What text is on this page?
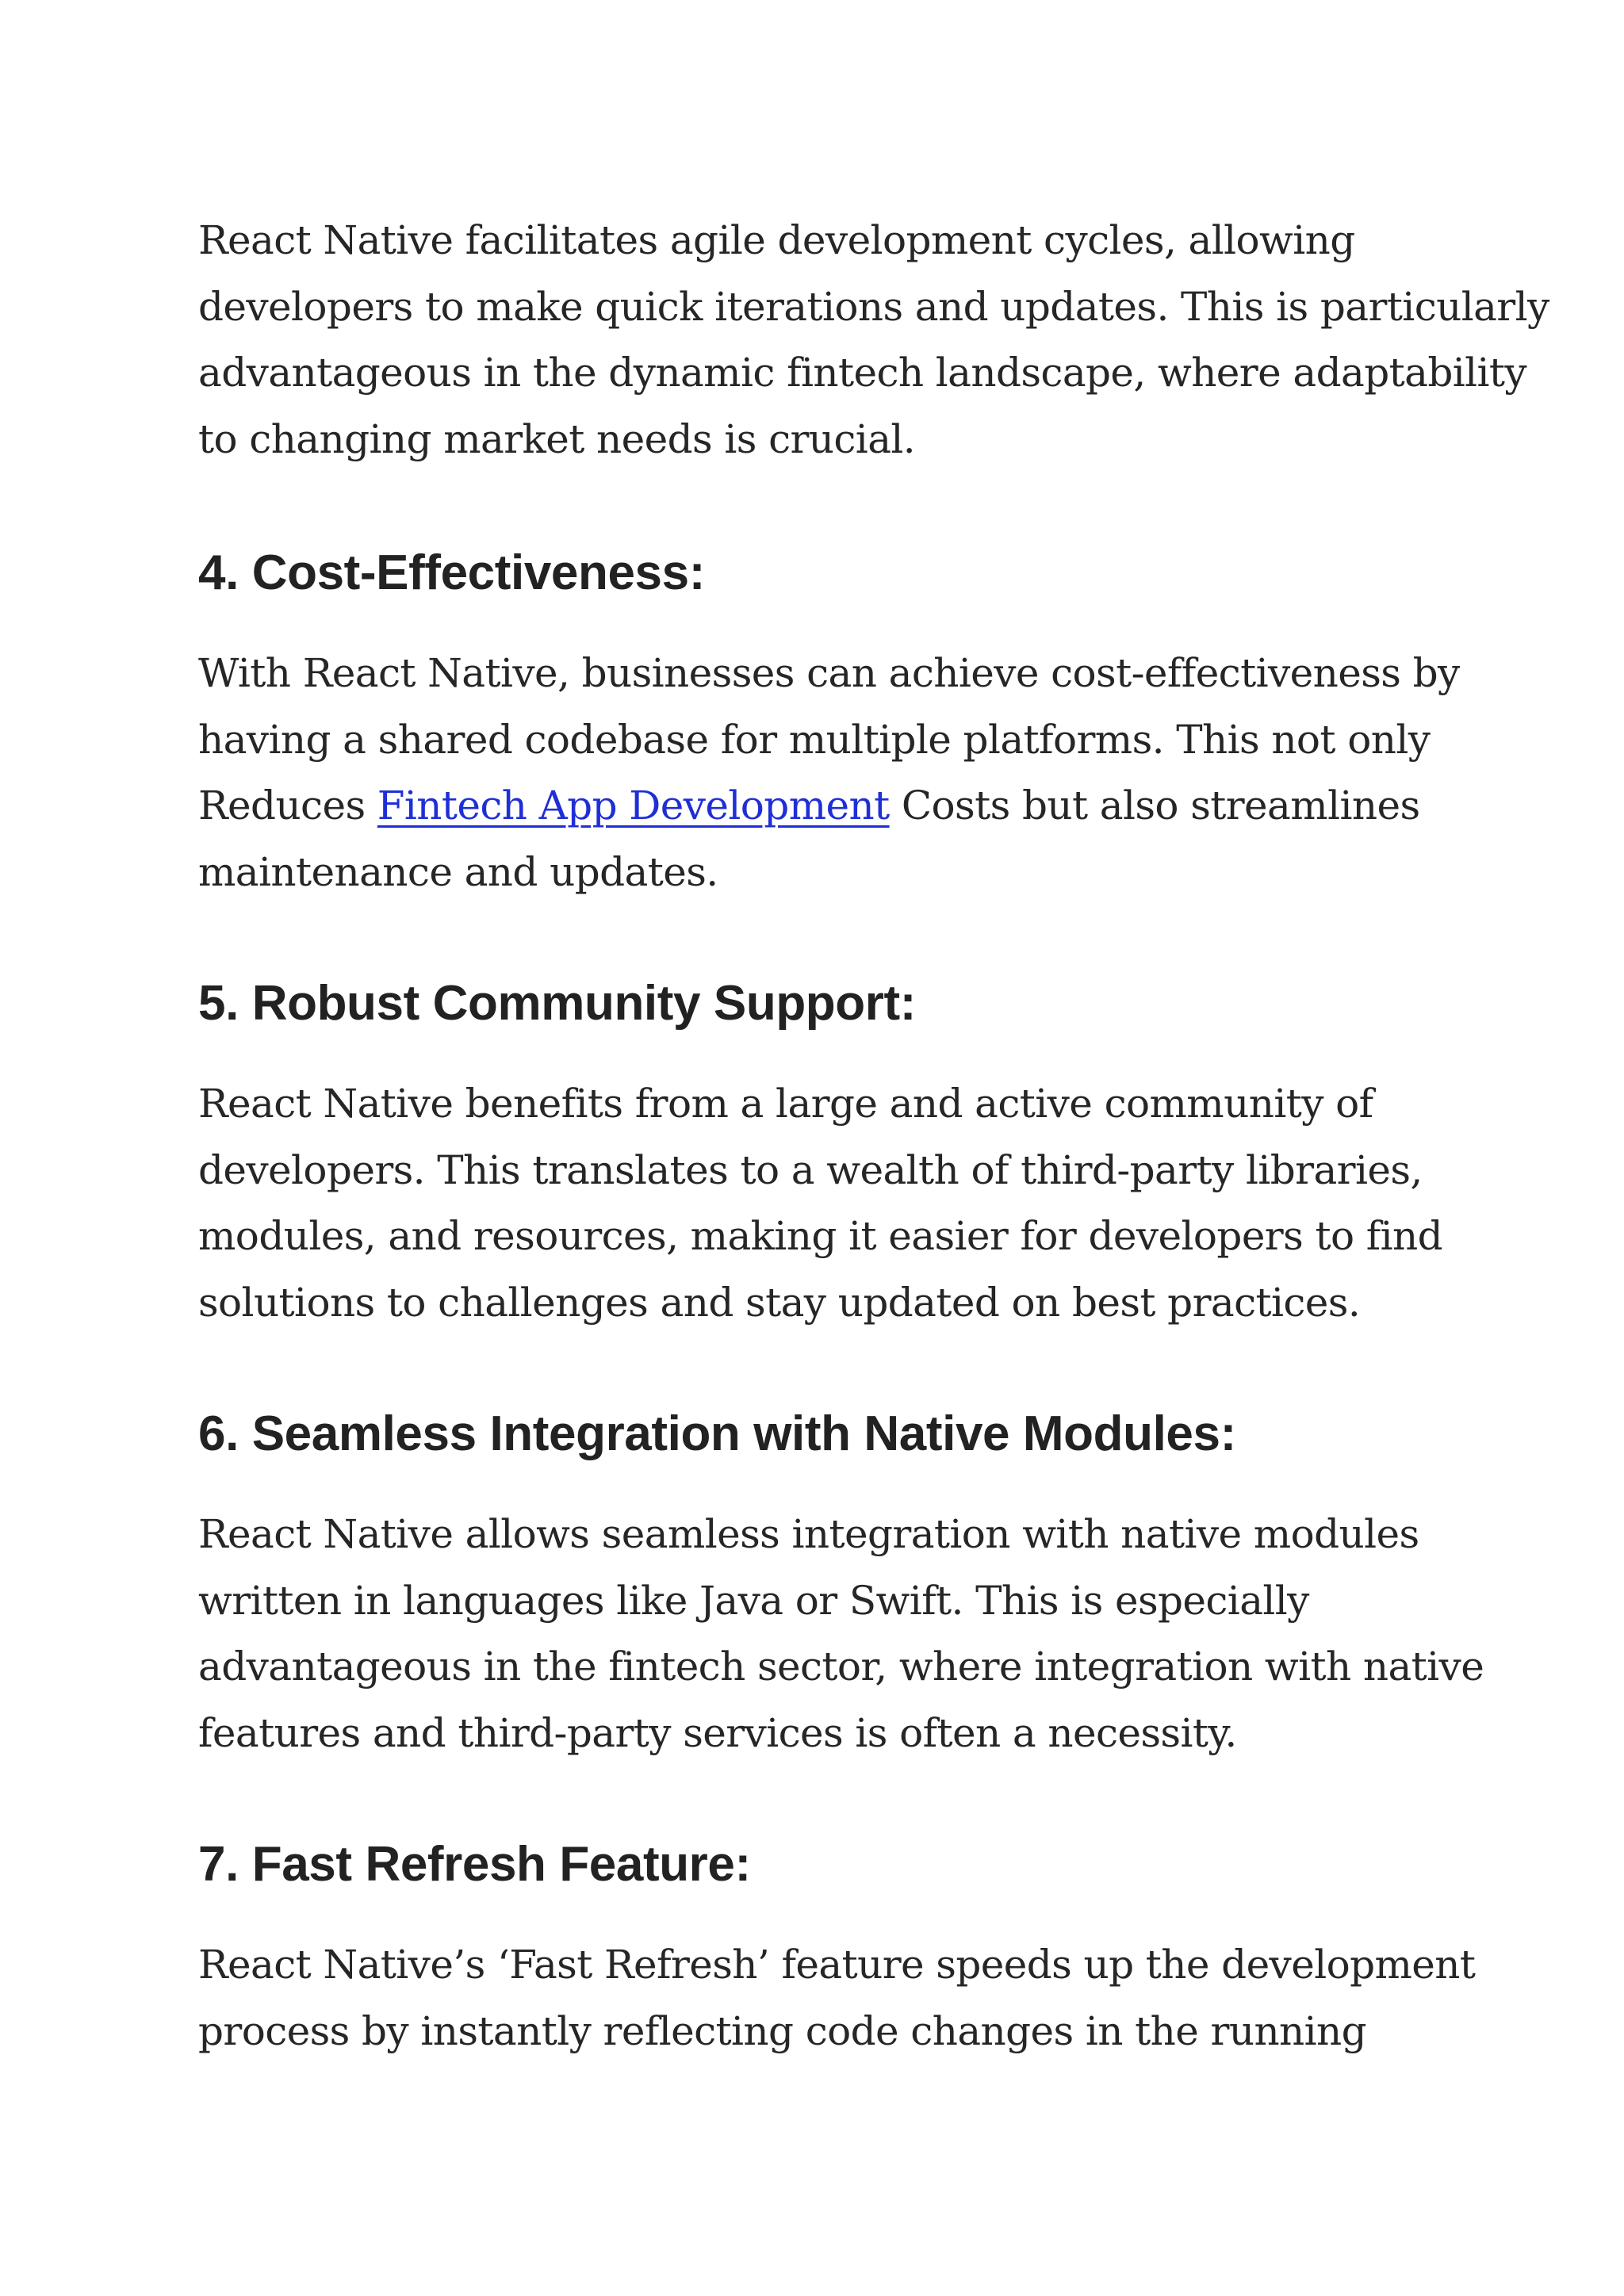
React Native facilitates agile development cycles, allowing
developers to make quick iterations and updates. This is particularly
advantageous in the dynamic fintech landscape, where adaptability
to changing market needs is crucial.

4. Cost-Effectiveness:

With React Native, businesses can achieve cost-effectiveness by
having a shared codebase for multiple platforms. This not only
Reduces Fintech App Development Costs but also streamlines
maintenance and updates.

5. Robust Community Support:

React Native benefits from a large and active community of
developers. This translates to a wealth of third-party libraries,
modules, and resources, making it easier for developers to find
solutions to challenges and stay updated on best practices.

6. Seamless Integration with Native Modules:

React Native allows seamless integration with native modules
written in languages like Java or Swift. This is especially
advantageous in the fintech sector, where integration with native
features and third-party services is often a necessity.

7. Fast Refresh Feature:

React Native’s ‘Fast Refresh’ feature speeds up the development
process by instantly reflecting code changes in the running
